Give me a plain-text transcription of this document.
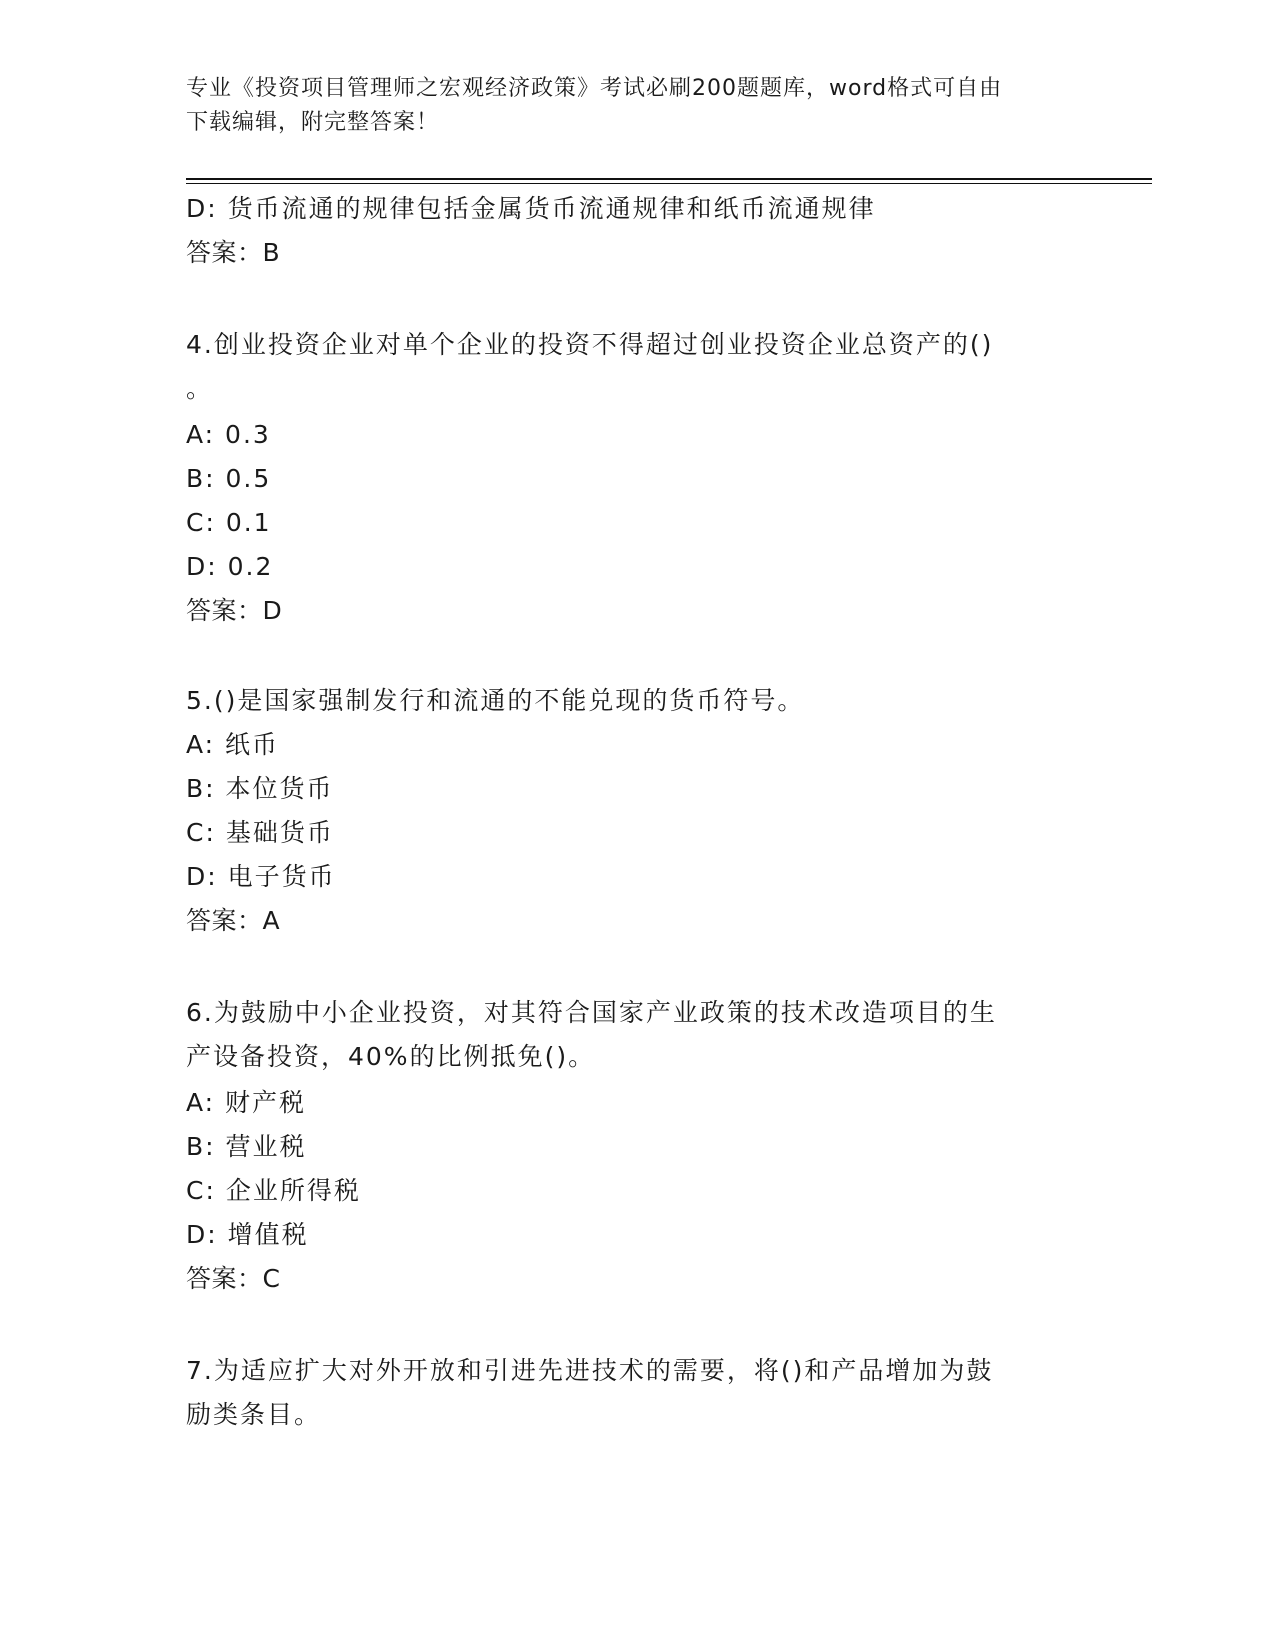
专业《投资项目管理师之宏观经济政策》考试必刷200题题库，word格式可自由
下载编辑，附完整答案！
D: 货币流通的规律包括金属货币流通规律和纸币流通规律
答案：B
4.创业投资企业对单个企业的投资不得超过创业投资企业总资产的()
。
A: 0.3
B: 0.5
C: 0.1
D: 0.2
答案：D
5.()是国家强制发行和流通的不能兑现的货币符号。
A: 纸币
B: 本位货币
C: 基础货币
D: 电子货币
答案：A
6.为鼓励中小企业投资，对其符合国家产业政策的技术改造项目的生
产设备投资，40%的比例抵免()。
A: 财产税
B: 营业税
C: 企业所得税
D: 增值税
答案：C
7.为适应扩大对外开放和引进先进技术的需要，将()和产品增加为鼓
励类条目。
